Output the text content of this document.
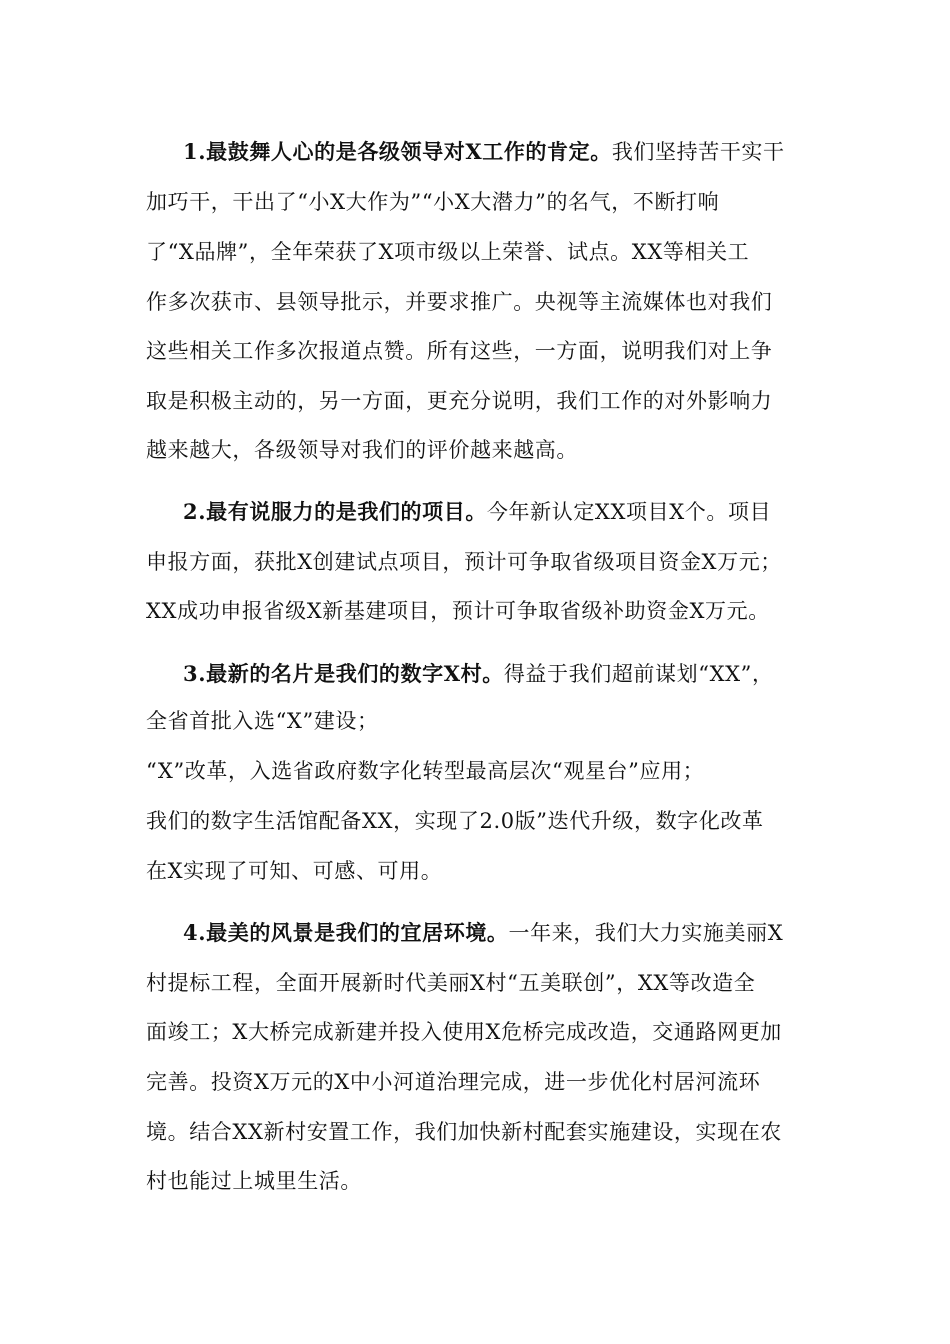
1.最鼓舞人心的是各级领导对X工作的肯定。我们坚持苦干实干
加巧干，干出了“小X大作为”“小X大潜力”的名气，不断打响
了“X品牌”，全年荣获了X项市级以上荣誉、试点。XX等相关工
作多次获市、县领导批示，并要求推广。央视等主流媒体也对我们
这些相关工作多次报道点赞。所有这些，一方面，说明我们对上争
取是积极主动的，另一方面，更充分说明，我们工作的对外影响力
越来越大，各级领导对我们的评价越来越高。
2.最有说服力的是我们的项目。今年新认定XX项目X个。项目
申报方面，获批X创建试点项目，预计可争取省级项目资金X万元；
XX成功申报省级X新基建项目，预计可争取省级补助资金X万元。
3.最新的名片是我们的数字X村。得益于我们超前谋划“XX”，
全省首批入选“X”建设；
“X”改革，入选省政府数字化转型最高层次“观星台”应用；
我们的数字生活馆配备XX，实现了2.0版”迭代升级，数字化改革
在X实现了可知、可感、可用。
4.最美的风景是我们的宜居环境。一年来，我们大力实施美丽X
村提标工程，全面开展新时代美丽X村“五美联创”，XX等改造全
面竣工；X大桥完成新建并投入使用X危桥完成改造，交通路网更加
完善。投资X万元的X中小河道治理完成，进一步优化村居河流环
境。结合XX新村安置工作，我们加快新村配套实施建设，实现在农
村也能过上城里生活。
